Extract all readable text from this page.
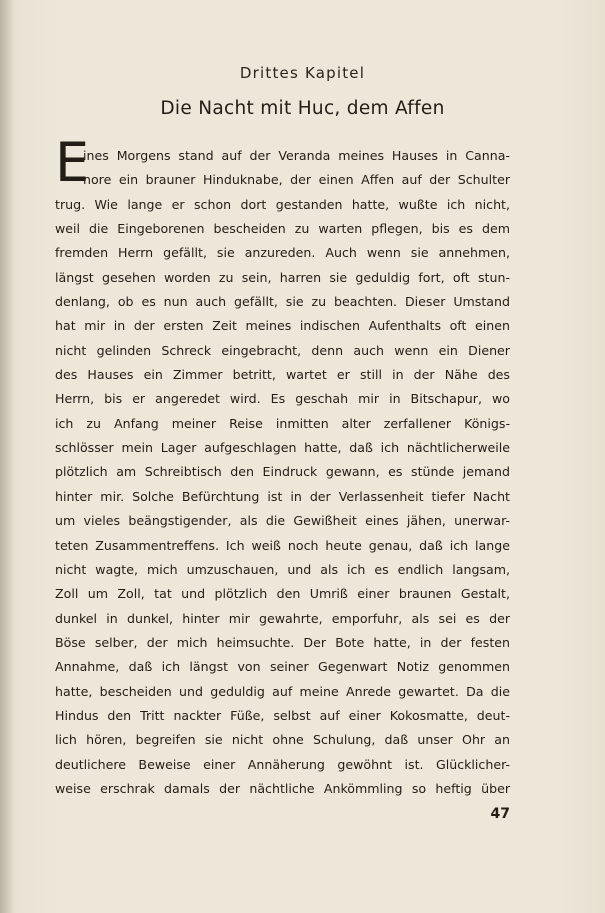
Drittes Kapitel
Die Nacht mit Huc, dem Affen
E
ines Morgens stand auf der Veranda meines Hauses in Canna-
nore ein brauner Hinduknabe, der einen Affen auf der Schulter
trug. Wie lange er schon dort gestanden hatte, wußte ich nicht,
weil die Eingeborenen bescheiden zu warten pflegen, bis es dem
fremden Herrn gefällt, sie anzureden. Auch wenn sie annehmen,
längst gesehen worden zu sein, harren sie geduldig fort, oft stun-
denlang, ob es nun auch gefällt, sie zu beachten. Dieser Umstand
hat mir in der ersten Zeit meines indischen Aufenthalts oft einen
nicht gelinden Schreck eingebracht, denn auch wenn ein Diener
des Hauses ein Zimmer betritt, wartet er still in der Nähe des
Herrn, bis er angeredet wird. Es geschah mir in Bitschapur, wo
ich zu Anfang meiner Reise inmitten alter zerfallener Königs-
schlösser mein Lager aufgeschlagen hatte, daß ich nächtlicherweile
plötzlich am Schreibtisch den Eindruck gewann, es stünde jemand
hinter mir. Solche Befürchtung ist in der Verlassenheit tiefer Nacht
um vieles beängstigender, als die Gewißheit eines jähen, unerwar-
teten Zusammentreffens. Ich weiß noch heute genau, daß ich lange
nicht wagte, mich umzuschauen, und als ich es endlich langsam,
Zoll um Zoll, tat und plötzlich den Umriß einer braunen Gestalt,
dunkel in dunkel, hinter mir gewahrte, emporfuhr, als sei es der
Böse selber, der mich heimsuchte. Der Bote hatte, in der festen
Annahme, daß ich längst von seiner Gegenwart Notiz genommen
hatte, bescheiden und geduldig auf meine Anrede gewartet. Da die
Hindus den Tritt nackter Füße, selbst auf einer Kokosmatte, deut-
lich hören, begreifen sie nicht ohne Schulung, daß unser Ohr an
deutlichere Beweise einer Annäherung gewöhnt ist. Glücklicher-
weise erschrak damals der nächtliche Ankömmling so heftig über
47
